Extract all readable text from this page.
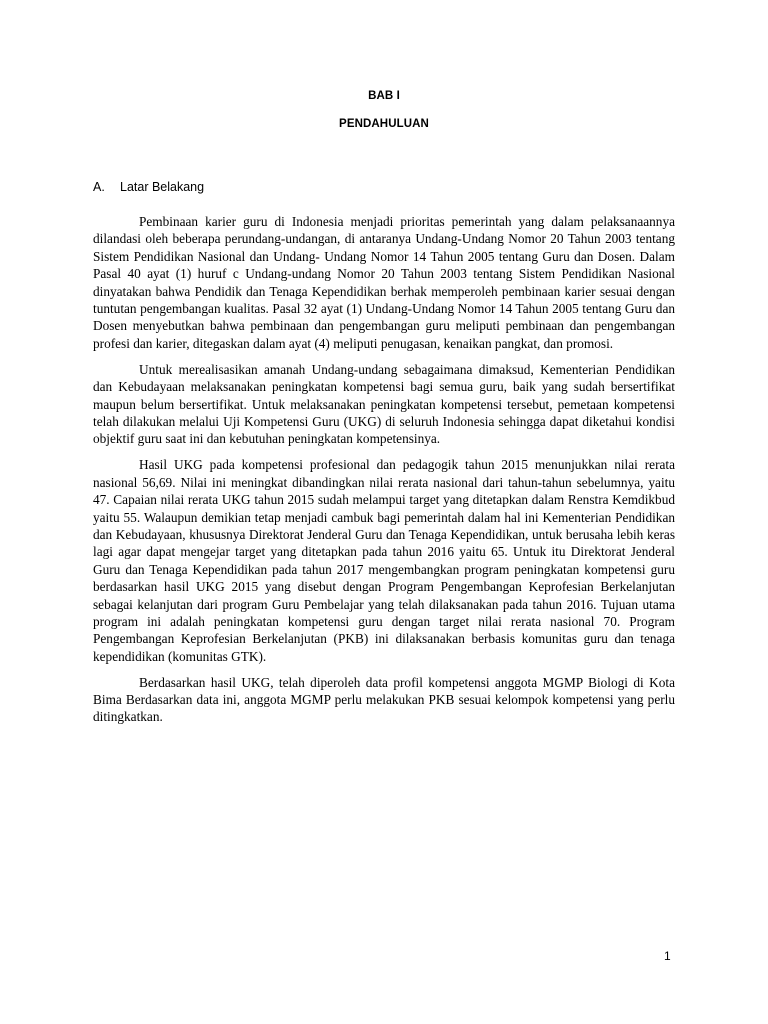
BAB I
PENDAHULUAN
A.	Latar Belakang

Pembinaan karier guru di Indonesia menjadi prioritas pemerintah yang dalam pelaksanaannya dilandasi oleh beberapa perundang-undangan, di antaranya Undang-Undang Nomor 20 Tahun 2003 tentang Sistem Pendidikan Nasional dan Undang- Undang Nomor 14 Tahun 2005 tentang Guru dan Dosen. Dalam Pasal 40 ayat (1) huruf c Undang-undang Nomor 20 Tahun 2003 tentang Sistem Pendidikan Nasional dinyatakan bahwa Pendidik dan Tenaga Kependidikan berhak memperoleh pembinaan karier sesuai dengan tuntutan pengembangan kualitas. Pasal 32 ayat (1) Undang-Undang Nomor 14 Tahun 2005 tentang Guru dan Dosen menyebutkan bahwa pembinaan dan pengembangan guru meliputi pembinaan dan pengembangan profesi dan karier, ditegaskan dalam ayat (4) meliputi penugasan, kenaikan pangkat, dan promosi.

Untuk merealisasikan amanah Undang-undang sebagaimana dimaksud, Kementerian Pendidikan dan Kebudayaan melaksanakan peningkatan kompetensi bagi semua guru, baik yang sudah bersertifikat maupun belum bersertifikat. Untuk melaksanakan peningkatan kompetensi tersebut, pemetaan kompetensi telah dilakukan melalui Uji Kompetensi Guru (UKG) di seluruh Indonesia sehingga dapat diketahui kondisi objektif guru saat ini dan kebutuhan peningkatan kompetensinya.

Hasil UKG pada kompetensi profesional dan pedagogik tahun 2015 menunjukkan nilai rerata nasional 56,69. Nilai ini meningkat dibandingkan nilai rerata nasional dari tahun-tahun sebelumnya, yaitu 47. Capaian nilai rerata UKG tahun 2015 sudah melampui target yang ditetapkan dalam Renstra Kemdikbud yaitu 55. Walaupun demikian tetap menjadi cambuk bagi pemerintah dalam hal ini Kementerian Pendidikan dan Kebudayaan, khususnya Direktorat Jenderal Guru dan Tenaga Kependidikan, untuk berusaha lebih keras lagi agar dapat mengejar target yang ditetapkan pada tahun 2016 yaitu 65. Untuk itu Direktorat Jenderal Guru dan Tenaga Kependidikan pada tahun 2017 mengembangkan program peningkatan kompetensi guru berdasarkan hasil UKG 2015 yang disebut dengan Program Pengembangan Keprofesian Berkelanjutan sebagai kelanjutan dari program Guru Pembelajar yang telah dilaksanakan pada tahun 2016. Tujuan utama program ini adalah peningkatan kompetensi guru dengan target nilai rerata nasional 70. Program Pengembangan Keprofesian Berkelanjutan (PKB) ini dilaksanakan berbasis komunitas guru dan tenaga kependidikan (komunitas GTK).

Berdasarkan hasil UKG, telah diperoleh data profil kompetensi anggota MGMP Biologi di Kota Bima Berdasarkan data ini, anggota MGMP perlu melakukan PKB sesuai kelompok kompetensi yang perlu ditingkatkan.

1
